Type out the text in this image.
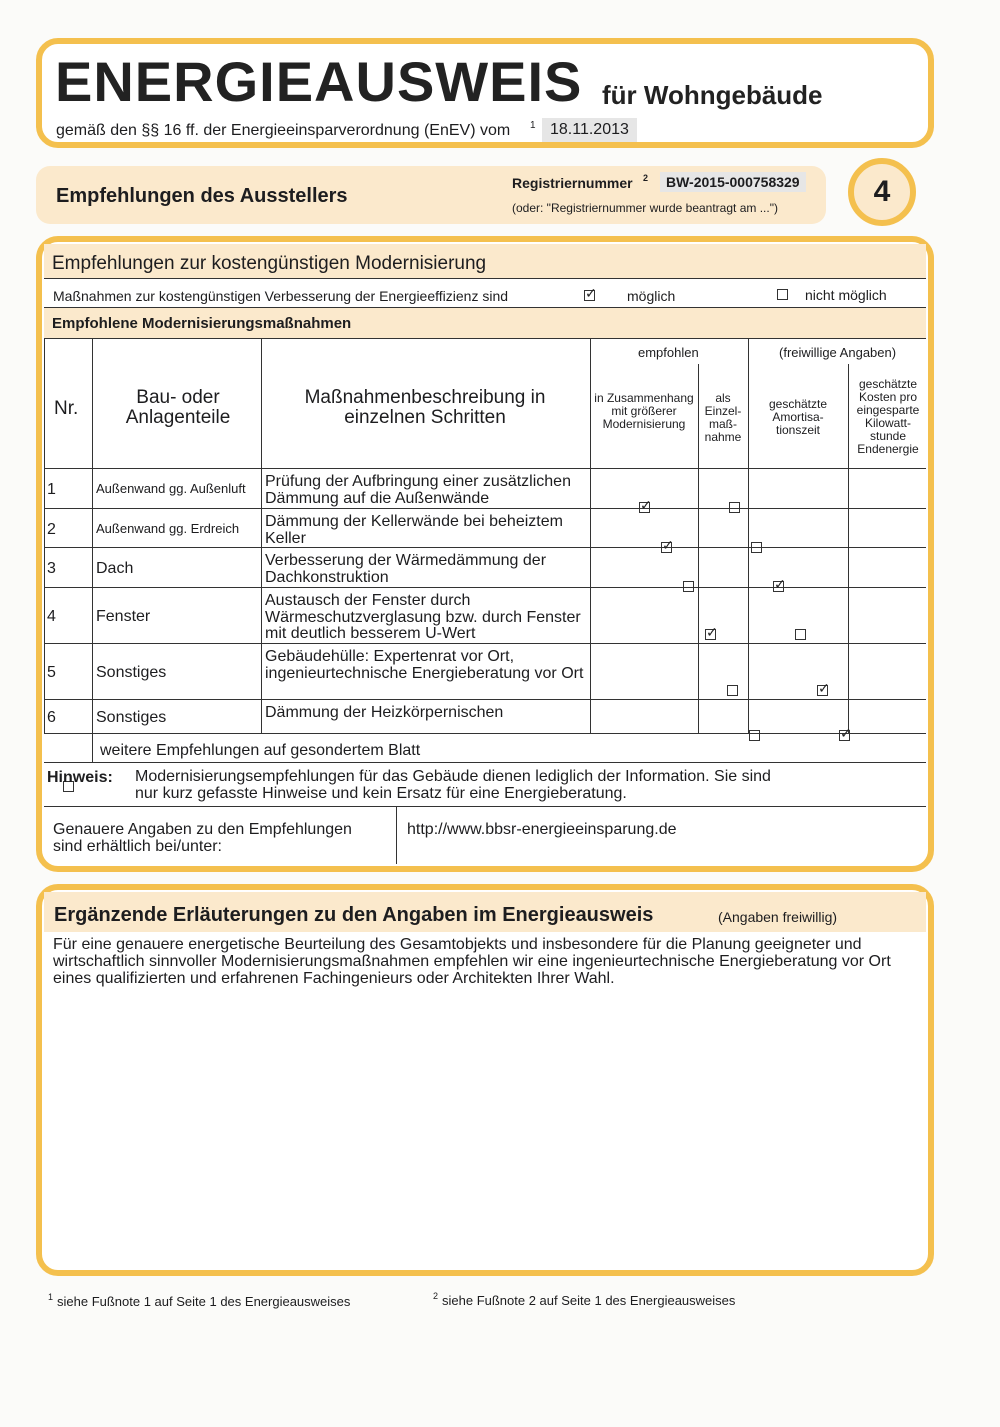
ENERGIEAUSWEIS für Wohngebäude
gemäß den §§ 16 ff. der Energieeinsparverordnung (EnEV) vom 1 18.11.2013
Empfehlungen des Ausstellers
Registriernummer 2	BW-2015-000758329
(oder: "Registriernummer wurde beantragt am ...")	4
Empfehlungen zur kostengünstigen Modernisierung
Maßnahmen zur kostengünstigen Verbesserung der Energieeffizienz sind
✓	möglich	nicht möglich
Empfohlene Modernisierungsmaßnahmen
Nr.
Bau- oder Anlagenteile
Maßnahmenbeschreibung in einzelnen Schritten
empfohlen
in Zusammenhang mit größerer Modernisierung
als Einzel- maß- nahme
(freiwillige Angaben)
geschätzte Amortisa- tionszeit
geschätzte Kosten pro eingesparte Kilowatt- stunde Endenergie
1	Außenwand gg. Außenluft Prüfung der Aufbringung einer zusätzlichen Dämmung auf die Außenwände
✓
2	Außenwand gg. Erdreich Dämmung der Kellerwände bei beheiztem Keller
✓
3	Dach	Verbesserung der Wärmedämmung der Dachkonstruktion
✓
4	Fenster
Austausch der Fenster durch Wärmeschutzverglasung bzw. durch Fenster mit deutlich besserem U-Wert
✓
5	Sonstiges
Gebäudehülle: Expertenrat vor Ort, ingenieurtechnische Energieberatung vor Ort
✓
6	Sonstiges	Dämmung der Heizkörpernischen
✓
weitere Empfehlungen auf gesondertem Blatt
Hinweis: Modernisierungsempfehlungen für das Gebäude dienen lediglich der Information. Sie sind nur kurz gefasste Hinweise und kein Ersatz für eine Energieberatung.
Genauere Angaben zu den Empfehlungen sind erhältlich bei/unter:
http://www.bbsr-energieeinsparung.de
Ergänzende Erläuterungen zu den Angaben im Energieausweis	(Angaben freiwillig)
Für eine genauere energetische Beurteilung des Gesamtobjekts und insbesondere für die Planung geeigneter und wirtschaftlich sinnvoller Modernisierungsmaßnahmen empfehlen wir eine ingenieurtechnische Energieberatung vor Ort eines qualifizierten und erfahrenen Fachingenieurs oder Architekten Ihrer Wahl.
1 siehe Fußnote 1 auf Seite 1 des Energieausweises	2 siehe Fußnote 2 auf Seite 1 des Energieausweises
